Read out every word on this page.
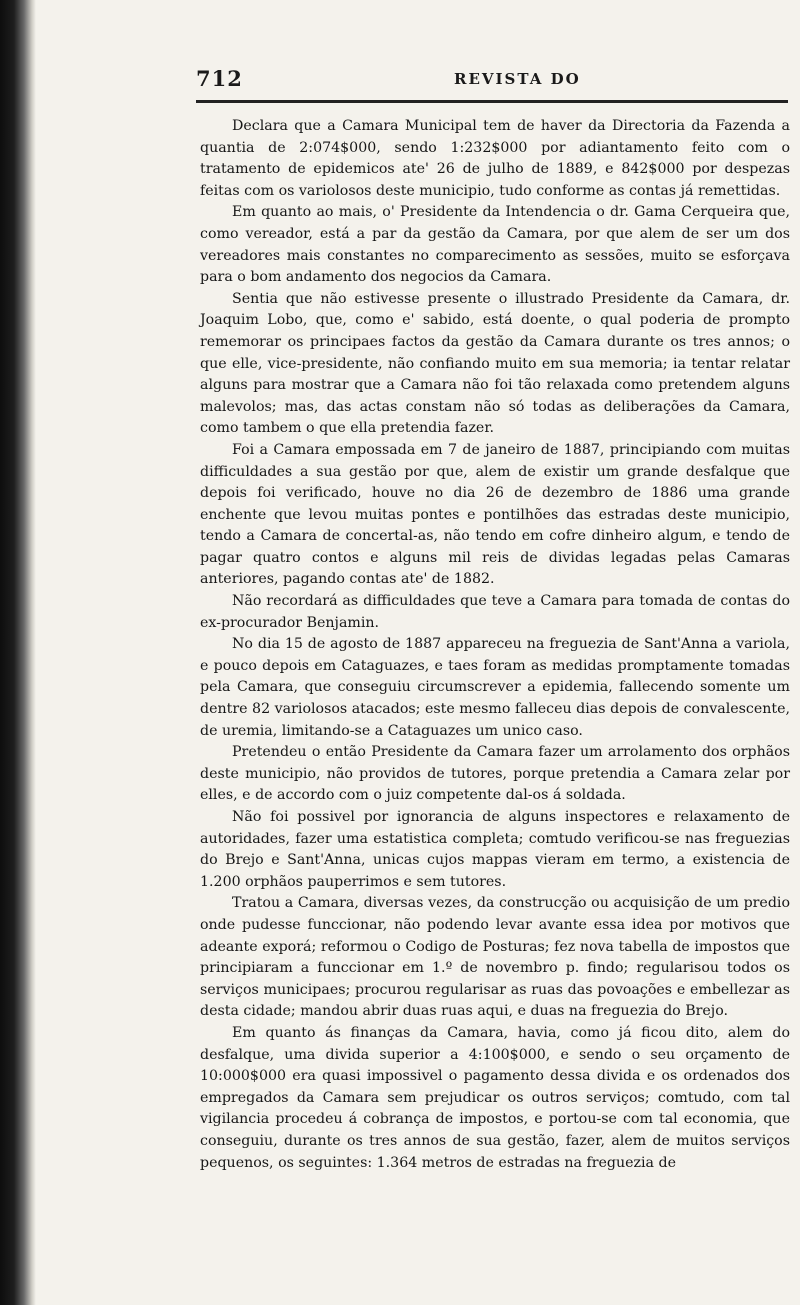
712	REVISTA DO

Declara que a Camara Municipal tem de haver da Directoria da Fazenda a quantia de 2:074$000, sendo 1:232$000 por adiantamento feito com o tratamento de epidemicos ate' 26 de julho de 1889, e 842$000 por despezas feitas com os variolosos deste municipio, tudo conforme as contas já remettidas.

Em quanto ao mais, o' Presidente da Intendencia o dr. Gama Cerqueira que, como vereador, está a par da gestão da Camara, por que alem de ser um dos vereadores mais constantes no comparecimento as sessões, muito se esforçava para o bom andamento dos negocios da Camara.

Sentia que não estivesse presente o illustrado Presidente da Camara, dr. Joaquim Lobo, que, como e' sabido, está doente, o qual poderia de prompto rememorar os principaes factos da gestão da Camara durante os tres annos; o que elle, vice-presidente, não confiando muito em sua memoria; ia tentar relatar alguns para mostrar que a Camara não foi tão relaxada como pretendem alguns malevolos; mas, das actas constam não só todas as deliberações da Camara, como tambem o que ella pretendia fazer.

Foi a Camara empossada em 7 de janeiro de 1887, principiando com muitas difficuldades a sua gestão por que, alem de existir um grande desfalque que depois foi verificado, houve no dia 26 de dezembro de 1886 uma grande enchente que levou muitas pontes e pontilhões das estradas deste municipio, tendo a Camara de concertal-as, não tendo em cofre dinheiro algum, e tendo de pagar quatro contos e alguns mil reis de dividas legadas pelas Camaras anteriores, pagando contas ate' de 1882.

Não recordará as difficuldades que teve a Camara para tomada de contas do ex-procurador Benjamin.

No dia 15 de agosto de 1887 appareceu na freguezia de Sant'Anna a variola, e pouco depois em Cataguazes, e taes foram as medidas promptamente tomadas pela Camara, que conseguiu circumscrever a epidemia, fallecendo somente um dentre 82 variolosos atacados; este mesmo falleceu dias depois de convalescente, de uremia, limitando-se a Cataguazes um unico caso.

Pretendeu o então Presidente da Camara fazer um arrolamento dos orphãos deste municipio, não providos de tutores, porque pretendia a Camara zelar por elles, e de accordo com o juiz competente dal-os á soldada.

Não foi possivel por ignorancia de alguns inspectores e relaxamento de autoridades, fazer uma estatistica completa; comtudo verificou-se nas freguezias do Brejo e Sant'Anna, unicas cujos mappas vieram em termo, a existencia de 1.200 orphãos pauperrimos e sem tutores.

Tratou a Camara, diversas vezes, da construcção ou acquisição de um predio onde pudesse funccionar, não podendo levar avante essa idea por motivos que adeante exporá; reformou o Codigo de Posturas; fez nova tabella de impostos que principiaram a funccionar em 1.º de novembro p. findo; regularisou todos os serviços municipaes; procurou regularisar as ruas das povoações e embellezar as desta cidade; mandou abrir duas ruas aqui, e duas na freguezia do Brejo.

Em quanto ás finanças da Camara, havia, como já ficou dito, alem do desfalque, uma divida superior a 4:100$000, e sendo o seu orçamento de 10:000$000 era quasi impossivel o pagamento dessa divida e os ordenados dos empregados da Camara sem prejudicar os outros serviços; comtudo, com tal vigilancia procedeu á cobrança de impostos, e portou-se com tal economia, que conseguiu, durante os tres annos de sua gestão, fazer, alem de muitos serviços pequenos, os seguintes: 1.364 metros de estradas na freguezia de
